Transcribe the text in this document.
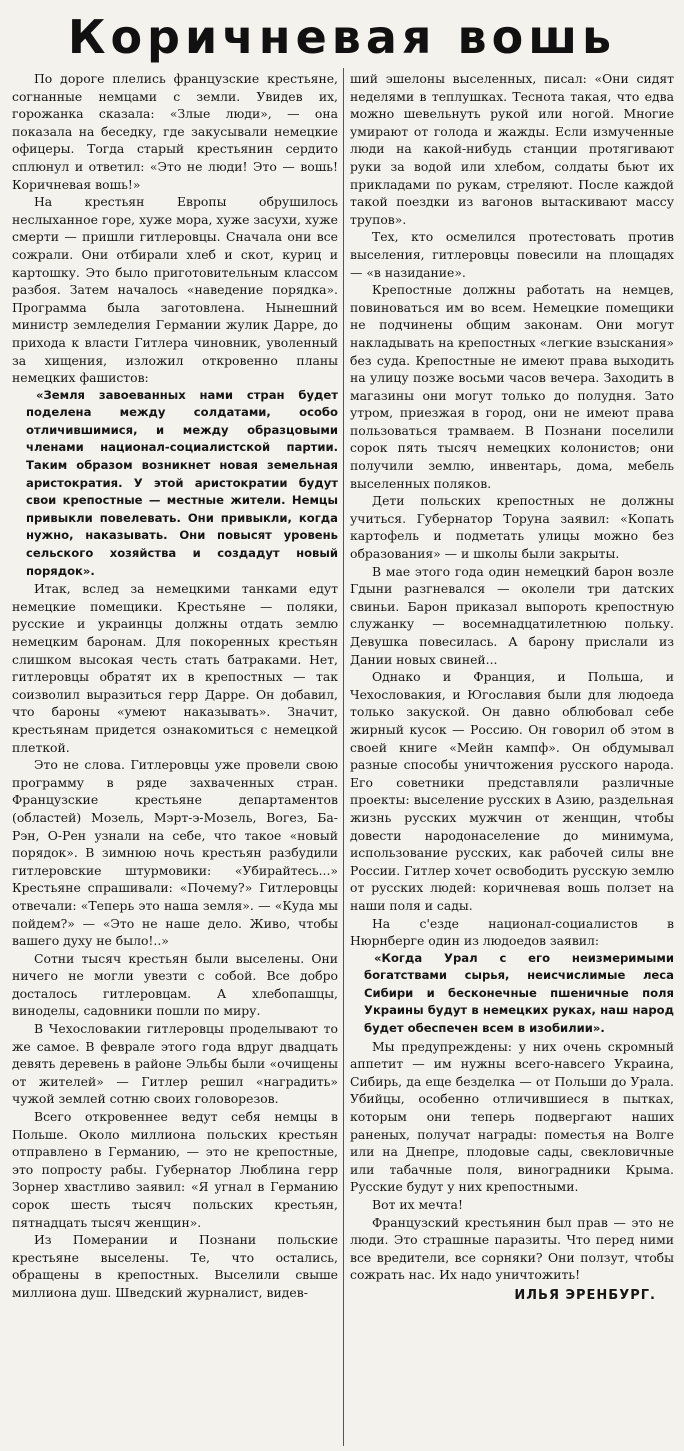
Коричневая вошь

По дороге плелись французские крестьяне, согнанные немцами с земли. Увидев их, горожанка сказала: «Злые люди», — она показала на беседку, где закусывали немецкие офицеры. Тогда старый крестьянин сердито сплюнул и ответил: «Это не люди! Это — вошь! Коричневая вошь!»

На крестьян Европы обрушилось неслыханное горе, хуже мора, хуже засухи, хуже смерти — пришли гитлеровцы. Сначала они все сожрали. Они отбирали хлеб и скот, куриц и картошку. Это было приготовительным классом разбоя. Затем началось «наведение порядка». Программа была заготовлена. Нынешний министр земледелия Германии жулик Дарре, до прихода к власти Гитлера чиновник, уволенный за хищения, изложил откровенно планы немецких фашистов:

«Земля завоеванных нами стран будет поделена между солдатами, особо отличившимися, и между образцовыми членами национал-социалистской партии. Таким образом возникнет новая земельная аристократия. У этой аристократии будут свои крепостные — местные жители. Немцы привыкли повелевать. Они привыкли, когда нужно, наказывать. Они повысят уровень сельского хозяйства и создадут новый порядок».

Итак, вслед за немецкими танками едут немецкие помещики. Крестьяне — поляки, русские и украинцы должны отдать землю немецким баронам. Для покоренных крестьян слишком высокая честь стать батраками. Нет, гитлеровцы обратят их в крепостных — так соизволил выразиться герр Дарре. Он добавил, что бароны «умеют наказывать». Значит, крестьянам придется ознакомиться с немецкой плеткой.

Это не слова. Гитлеровцы уже провели свою программу в ряде захваченных стран. Французские крестьяне департаментов (областей) Мозель, Мэрт-э-Мозель, Вогез, Ба-Рэн, О-Рен узнали на себе, что такое «новый порядок». В зимнюю ночь крестьян разбудили гитлеровские штурмовики: «Убирайтесь...» Крестьяне спрашивали: «Почему?» Гитлеровцы отвечали: «Теперь это наша земля». — «Куда мы пойдем?» — «Это не наше дело. Живо, чтобы вашего духу не было!..»

Сотни тысяч крестьян были выселены. Они ничего не могли увезти с собой. Все добро досталось гитлеровцам. А хлебопашцы, виноделы, садовники пошли по миру.

В Чехословакии гитлеровцы проделывают то же самое. В феврале этого года вдруг двадцать девять деревень в районе Эльбы были «очищены от жителей» — Гитлер решил «наградить» чужой землей сотню своих головорезов.

Всего откровеннее ведут себя немцы в Польше. Около миллиона польских крестьян отправлено в Германию, — это не крепостные, это попросту рабы. Губернатор Люблина герр Зорнер хвастливо заявил: «Я угнал в Германию сорок шесть тысяч польских крестьян, пятнадцать тысяч женщин».

Из Померании и Познани польские крестьяне выселены. Те, что остались, обращены в крепостных. Выселили свыше миллиона душ. Шведский журналист, видев-

ший эшелоны выселенных, писал: «Они сидят неделями в теплушках. Теснота такая, что едва можно шевельнуть рукой или ногой. Многие умирают от голода и жажды. Если измученные люди на какой-нибудь станции протягивают руки за водой или хлебом, солдаты бьют их прикладами по рукам, стреляют. После каждой такой поездки из вагонов вытаскивают массу трупов».

Тех, кто осмелился протестовать против выселения, гитлеровцы повесили на площадях — «в назидание».

Крепостные должны работать на немцев, повиноваться им во всем. Немецкие помещики не подчинены общим законам. Они могут накладывать на крепостных «легкие взыскания» без суда. Крепостные не имеют права выходить на улицу позже восьми часов вечера. Заходить в магазины они могут только до полудня. Зато утром, приезжая в город, они не имеют права пользоваться трамваем. В Познани поселили сорок пять тысяч немецких колонистов; они получили землю, инвентарь, дома, мебель выселенных поляков.

Дети польских крепостных не должны учиться. Губернатор Торуна заявил: «Копать картофель и подметать улицы можно без образования» — и школы были закрыты.

В мае этого года один немецкий барон возле Гдыни разгневался — околели три датских свиньи. Барон приказал выпороть крепостную служанку — восемнадцатилетнюю польку. Девушка повесилась. А барону прислали из Дании новых свиней...

Однако и Франция, и Польша, и Чехословакия, и Югославия были для людоеда только закуской. Он давно облюбовал себе жирный кусок — Россию. Он говорил об этом в своей книге «Мейн кампф». Он обдумывал разные способы уничтожения русского народа. Его советники представляли различные проекты: выселение русских в Азию, раздельная жизнь русских мужчин от женщин, чтобы довести народонаселение до минимума, использование русских, как рабочей силы вне России. Гитлер хочет освободить русскую землю от русских людей: коричневая вошь ползет на наши поля и сады.

На с'езде национал-социалистов в Нюрнберге один из людоедов заявил:

«Когда Урал с его неизмеримыми богатствами сырья, неисчислимые леса Сибири и бесконечные пшеничные поля Украины будут в немецких руках, наш народ будет обеспечен всем в изобилии».

Мы предупреждены: у них очень скромный аппетит — им нужны всего-навсего Украина, Сибирь, да еще безделка — от Польши до Урала. Убийцы, особенно отличившиеся в пытках, которым они теперь подвергают наших раненых, получат награды: поместья на Волге или на Днепре, плодовые сады, свекловичные или табачные поля, виноградники Крыма. Русские будут у них крепостными.

Вот их мечта!

Французский крестьянин был прав — это не люди. Это страшные паразиты. Что перед ними все вредители, все сорняки? Они ползут, чтобы сожрать нас. Их надо уничтожить!

ИЛЬЯ ЭРЕНБУРГ.
